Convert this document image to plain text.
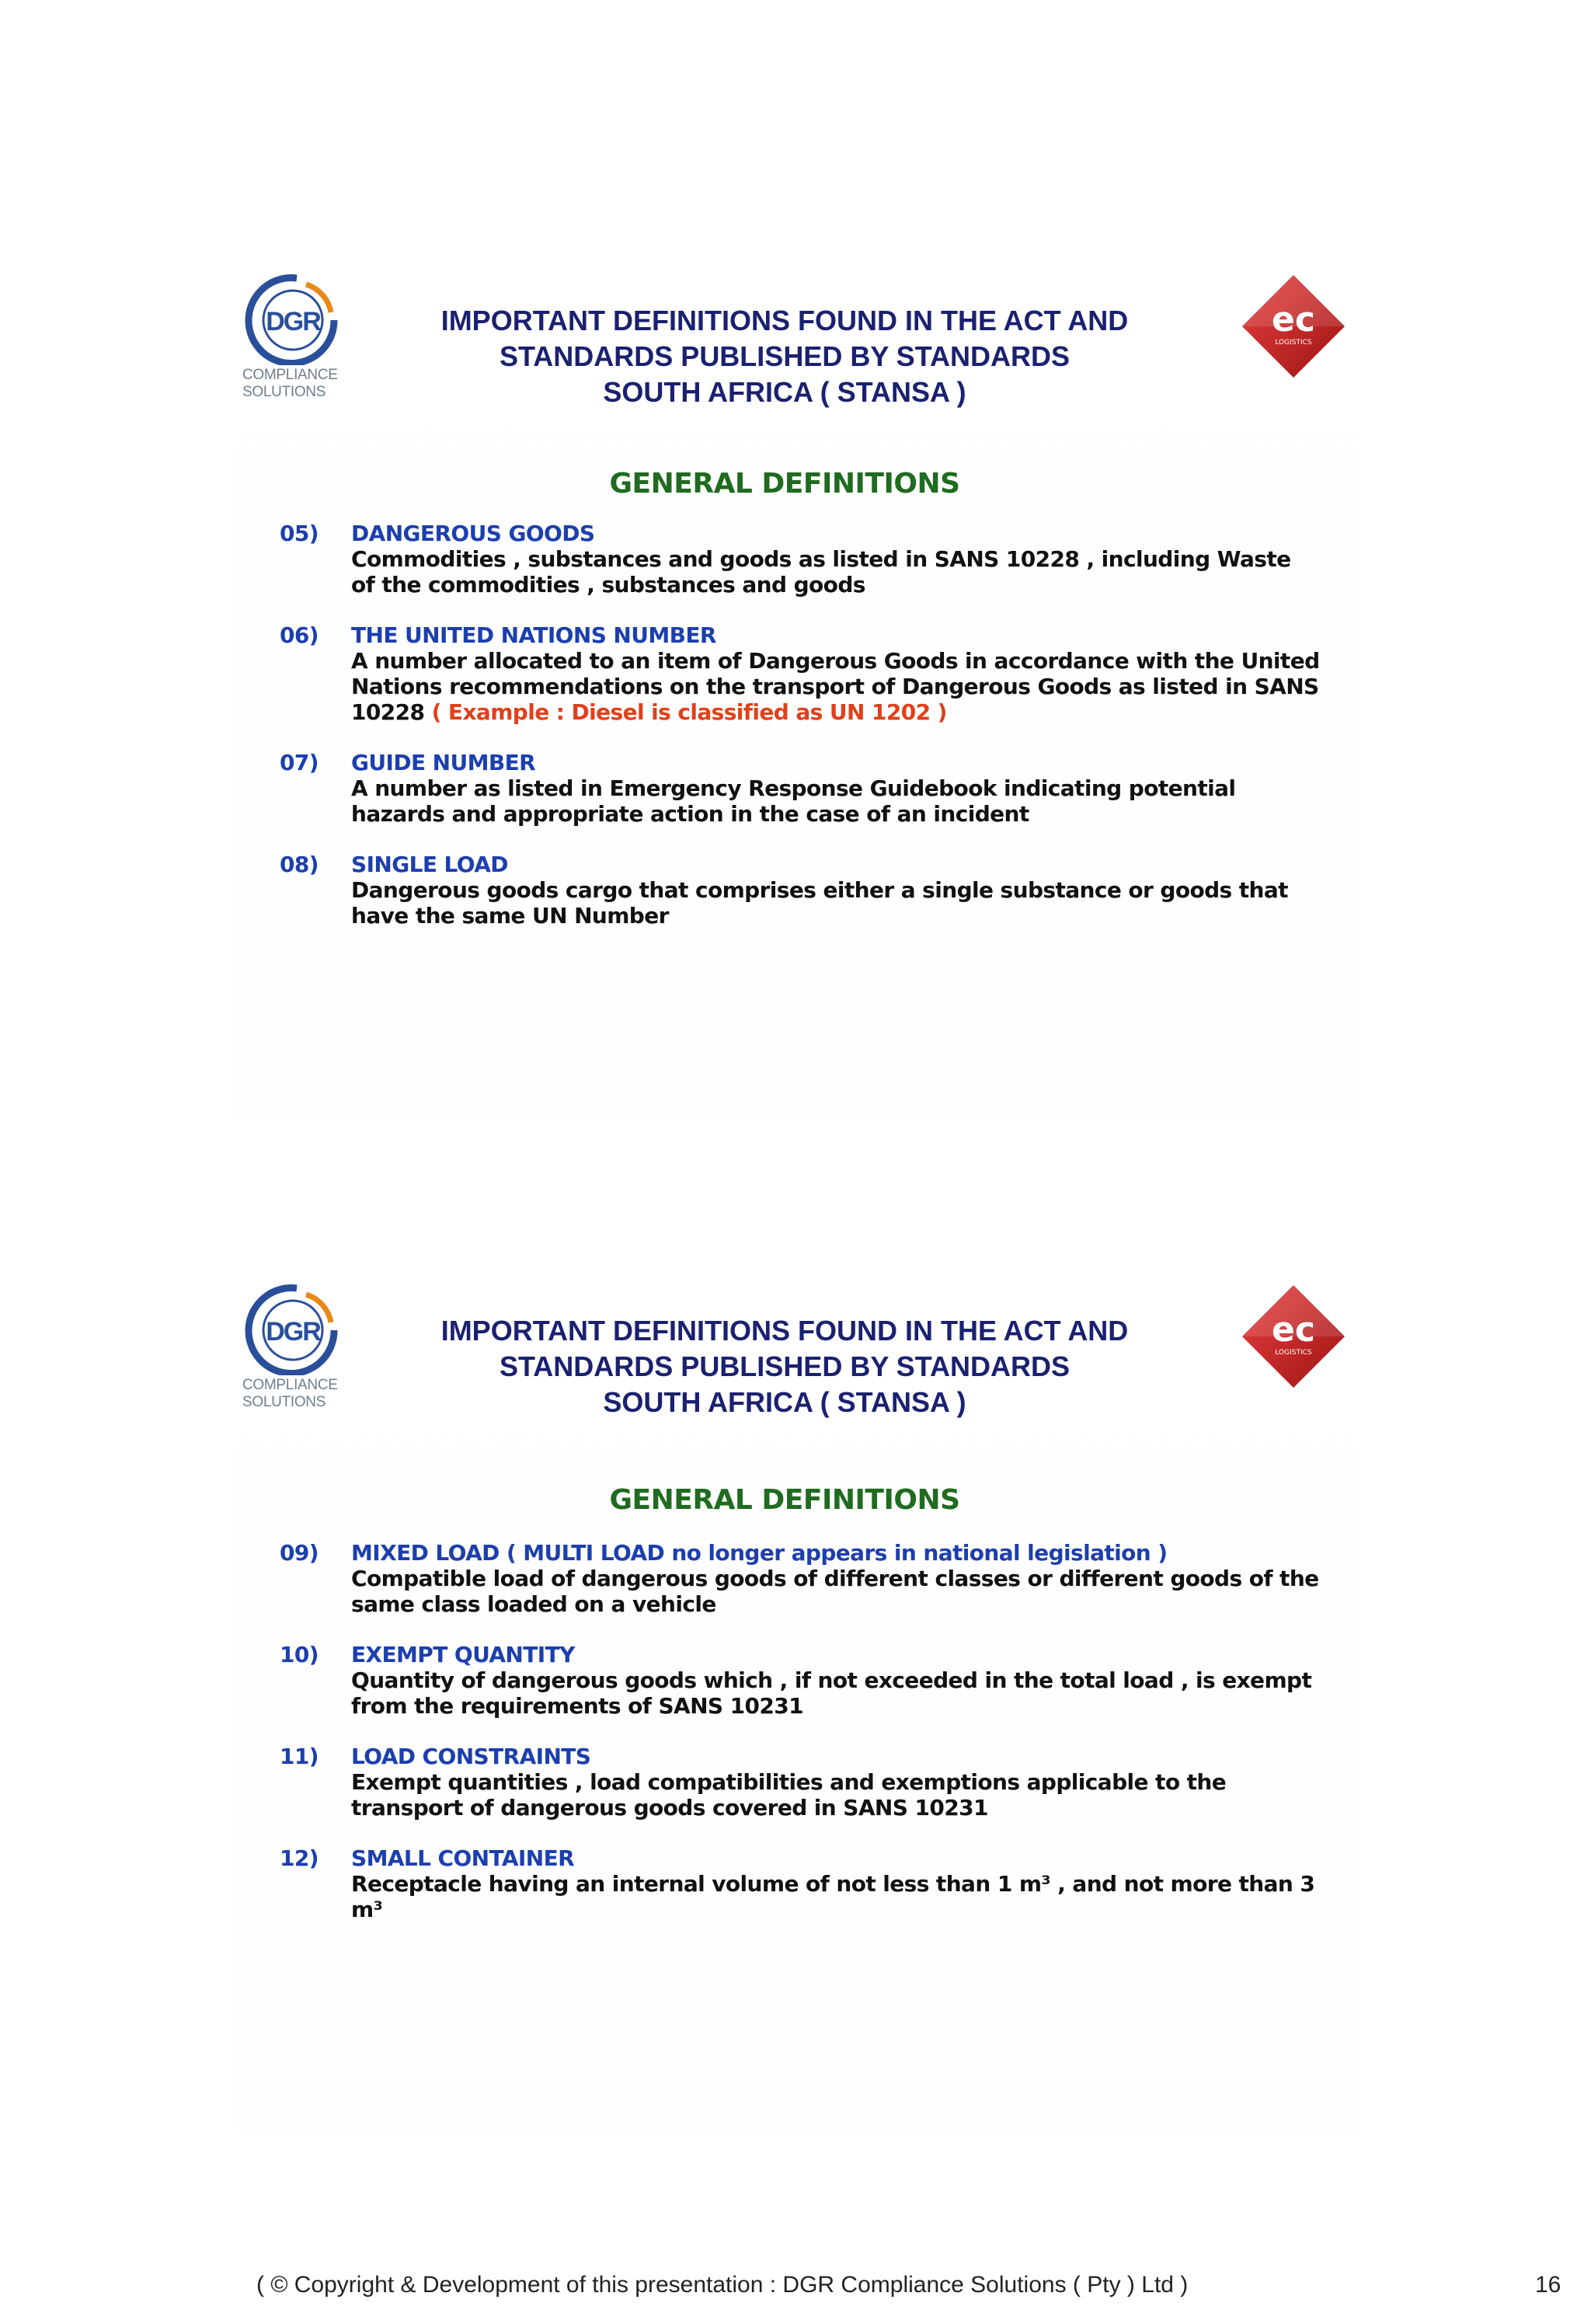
DGR
COMPLIANCE
SOLUTIONS
IMPORTANT DEFINITIONS FOUND IN THE ACT AND
STANDARDS PUBLISHED BY STANDARDS
SOUTH AFRICA ( STANSA )
ec
LOGISTICS
GENERAL DEFINITIONS
05) DANGEROUS GOODS
Commodities , substances and goods as listed in SANS 10228 , including Waste of the commodities , substances and goods
06) THE UNITED NATIONS NUMBER
A number allocated to an item of Dangerous Goods in accordance with the United Nations recommendations on the transport of Dangerous Goods as listed in SANS 10228 ( Example : Diesel is classified as UN 1202 )
07) GUIDE NUMBER
A number as listed in Emergency Response Guidebook indicating potential hazards and appropriate action in the case of an incident
08) SINGLE LOAD
Dangerous goods cargo that comprises either a single substance or goods that have the same UN Number
DGR
COMPLIANCE
SOLUTIONS
IMPORTANT DEFINITIONS FOUND IN THE ACT AND
STANDARDS PUBLISHED BY STANDARDS
SOUTH AFRICA ( STANSA )
ec
LOGISTICS
GENERAL DEFINITIONS
09) MIXED LOAD ( MULTI LOAD no longer appears in national legislation )
Compatible load of dangerous goods of different classes or different goods of the same class loaded on a vehicle
10) EXEMPT QUANTITY
Quantity of dangerous goods which , if not exceeded in the total load , is exempt from the requirements of SANS 10231
11) LOAD CONSTRAINTS
Exempt quantities , load compatibilities and exemptions applicable to the transport of dangerous goods covered in SANS 10231
12) SMALL CONTAINER
Receptacle having an internal volume of not less than 1 m³ , and not more than 3 m³
( © Copyright & Development of this presentation : DGR Compliance Solutions ( Pty ) Ltd )	16
